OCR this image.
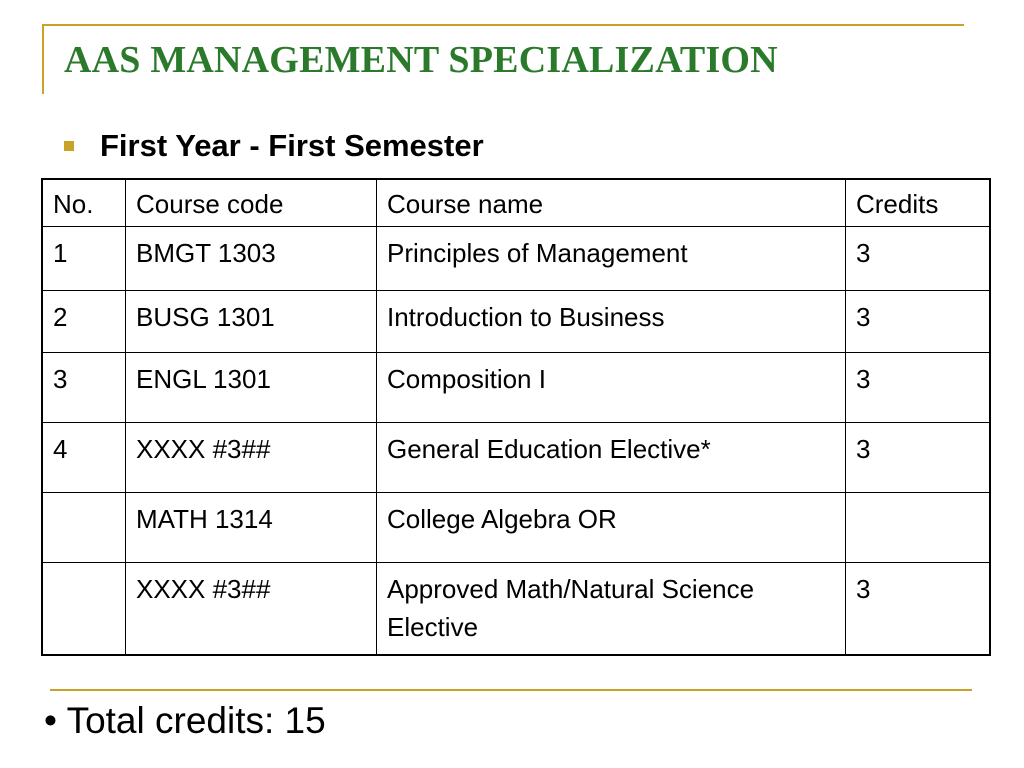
AAS MANAGEMENT SPECIALIZATION
First Year - First Semester
No.	Course code	Course name	Credits
1	BMGT 1303	Principles of Management	3
2	BUSG 1301	Introduction to Business	3
3	ENGL 1301	Composition I	3
4	XXXX #3##	General Education Elective*	3
	MATH 1314	College Algebra OR	
	XXXX #3##	Approved Math/Natural Science Elective	3
• Total credits: 15
